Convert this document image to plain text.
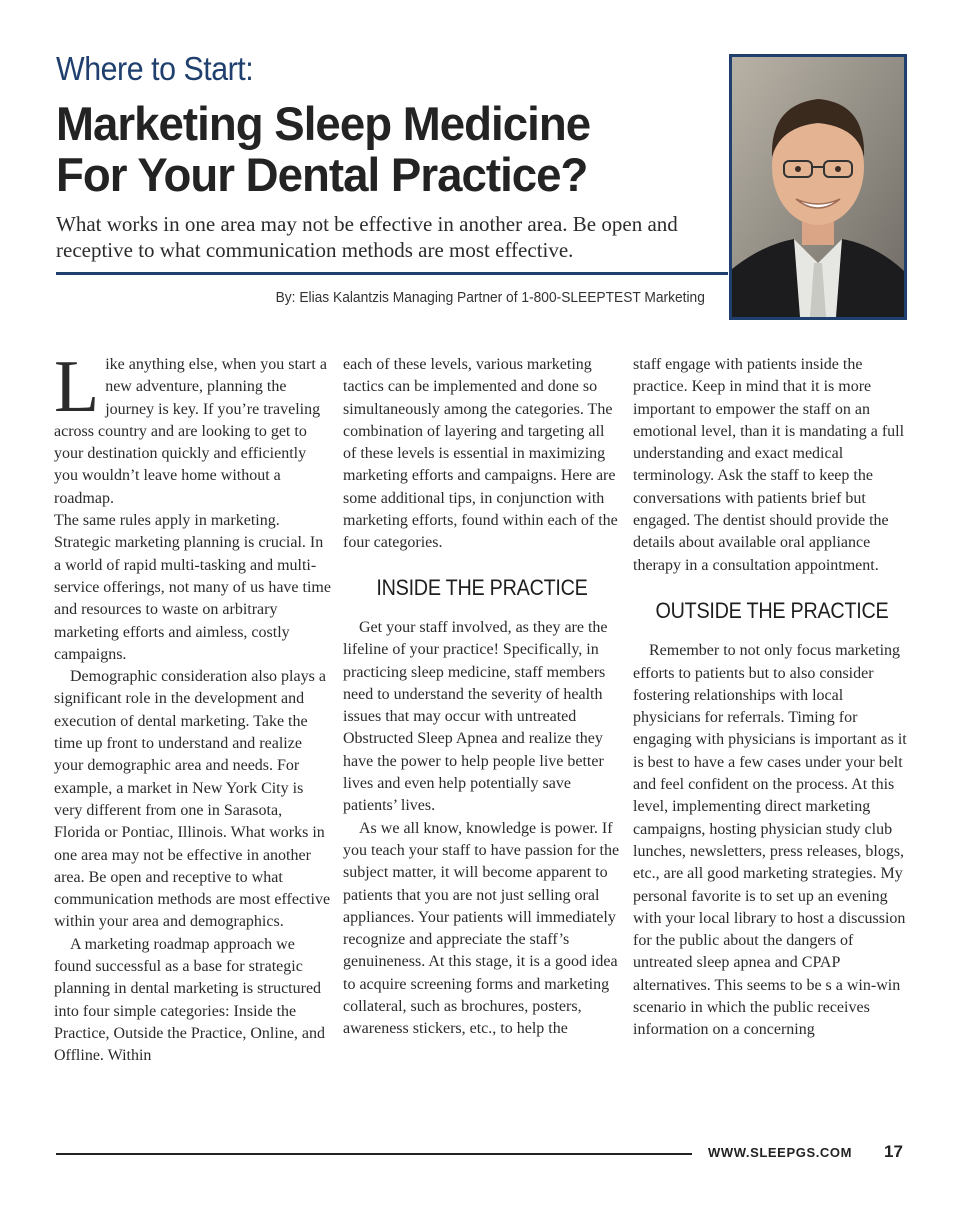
Where to Start:
Marketing Sleep Medicine
For Your Dental Practice?
What works in one area may not be effective in another area. Be open and
receptive to what communication methods are most effective.
By: Elias Kalantzis Managing Partner of 1-800-SLEEPTEST Marketing

Like anything else, when you start a new adventure, planning the journey is key. If you’re traveling across country and are looking to get to your destination quickly and efficiently you wouldn’t leave home without a roadmap.

The same rules apply in marketing. Strategic marketing planning is crucial. In a world of rapid multi-tasking and multi-service offerings, not many of us have time and resources to waste on arbitrary marketing efforts and aimless, costly campaigns.

Demographic consideration also plays a significant role in the development and execution of dental marketing. Take the time up front to understand and realize your demographic area and needs. For example, a market in New York City is very different from one in Sarasota, Florida or Pontiac, Illinois. What works in one area may not be effective in another area. Be open and receptive to what communication methods are most effective within your area and demographics.

A marketing roadmap approach we found successful as a base for strategic planning in dental marketing is structured into four simple categories: Inside the Practice, Outside the Practice, Online, and Offline. Within

each of these levels, various marketing tactics can be implemented and done so simultaneously among the categories. The combination of layering and targeting all of these levels is essential in maximizing marketing efforts and campaigns. Here are some additional tips, in conjunction with marketing efforts, found within each of the four categories.

INSIDE THE PRACTICE

Get your staff involved, as they are the lifeline of your practice! Specifically, in practicing sleep medicine, staff members need to understand the severity of health issues that may occur with untreated Obstructed Sleep Apnea and realize they have the power to help people live better lives and even help potentially save patients’ lives.

As we all know, knowledge is power. If you teach your staff to have passion for the subject matter, it will become apparent to patients that you are not just selling oral appliances. Your patients will immediately recognize and appreciate the staff’s genuineness. At this stage, it is a good idea to acquire screening forms and marketing collateral, such as brochures, posters, awareness stickers, etc., to help the

staff engage with patients inside the practice. Keep in mind that it is more important to empower the staff on an emotional level, than it is mandating a full understanding and exact medical terminology. Ask the staff to keep the conversations with patients brief but engaged. The dentist should provide the details about available oral appliance therapy in a consultation appointment.

OUTSIDE THE PRACTICE

Remember to not only focus marketing efforts to patients but to also consider fostering relationships with local physicians for referrals. Timing for engaging with physicians is important as it is best to have a few cases under your belt and feel confident on the process. At this level, implementing direct marketing campaigns, hosting physician study club lunches, newsletters, press releases, blogs, etc., are all good marketing strategies. My personal favorite is to set up an evening with your local library to host a discussion for the public about the dangers of untreated sleep apnea and CPAP alternatives. This seems to be s a win-win scenario in which the public receives information on a concerning

WWW.SLEEPGS.COM 17
